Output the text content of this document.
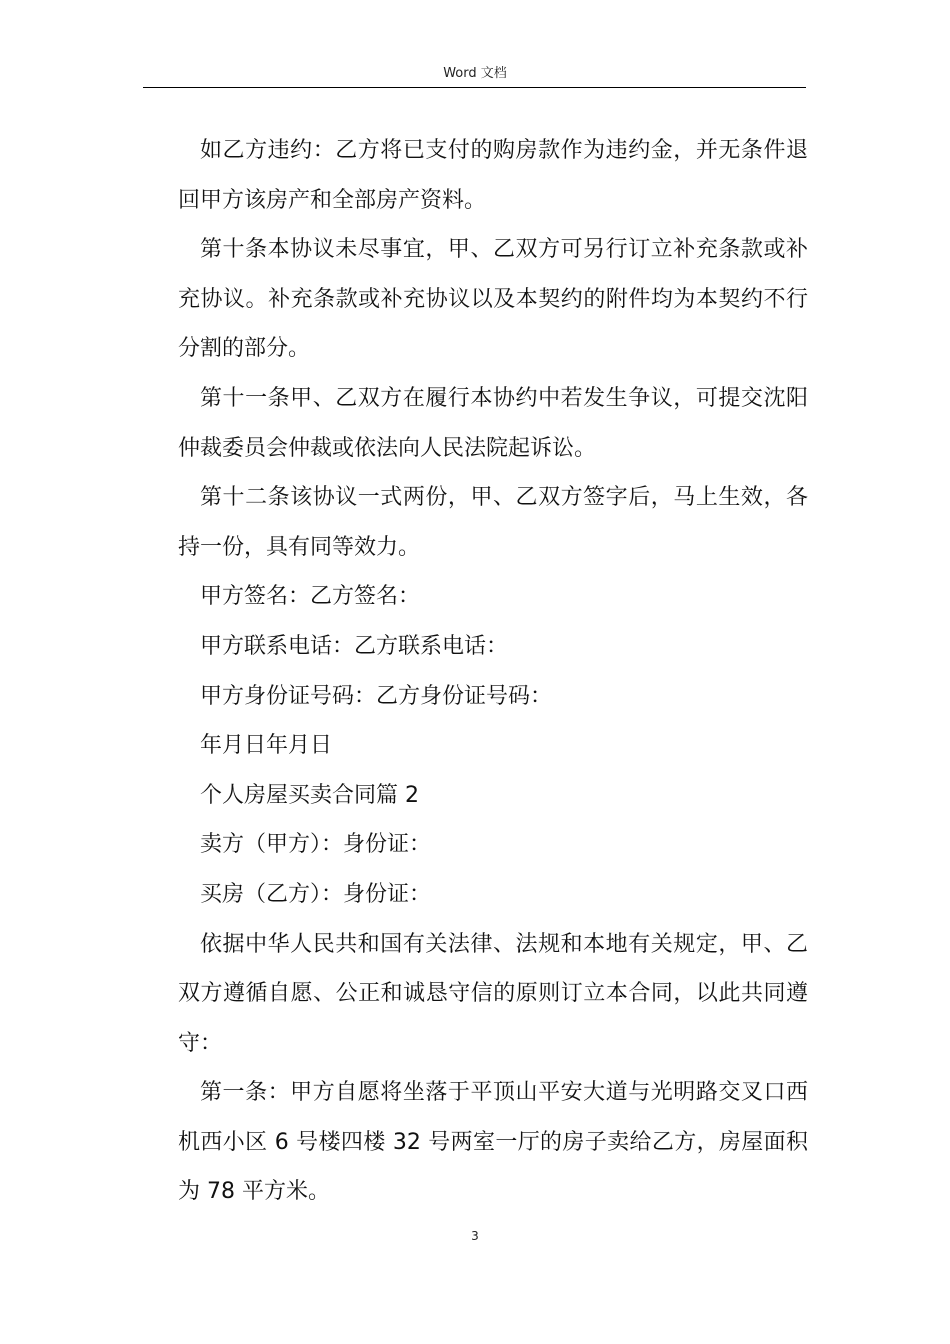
Word 文档

如乙方违约：乙方将已支付的购房款作为违约金，并无条件退回甲方该房产和全部房产资料。

第十条本协议未尽事宜，甲、乙双方可另行订立补充条款或补充协议。补充条款或补充协议以及本契约的附件均为本契约不行分割的部分。

第十一条甲、乙双方在履行本协约中若发生争议，可提交沈阳仲裁委员会仲裁或依法向人民法院起诉讼。

第十二条该协议一式两份，甲、乙双方签字后，马上生效，各持一份，具有同等效力。

甲方签名：乙方签名：

甲方联系电话：乙方联系电话：

甲方身份证号码：乙方身份证号码：

年月日年月日

个人房屋买卖合同篇 2

卖方（甲方）：身份证：

买房（乙方）：身份证：

依据中华人民共和国有关法律、法规和本地有关规定，甲、乙双方遵循自愿、公正和诚恳守信的原则订立本合同，以此共同遵守：

第一条：甲方自愿将坐落于平顶山平安大道与光明路交叉口西机西小区 6 号楼四楼 32 号两室一厅的房子卖给乙方，房屋面积为 78 平方米。

3
